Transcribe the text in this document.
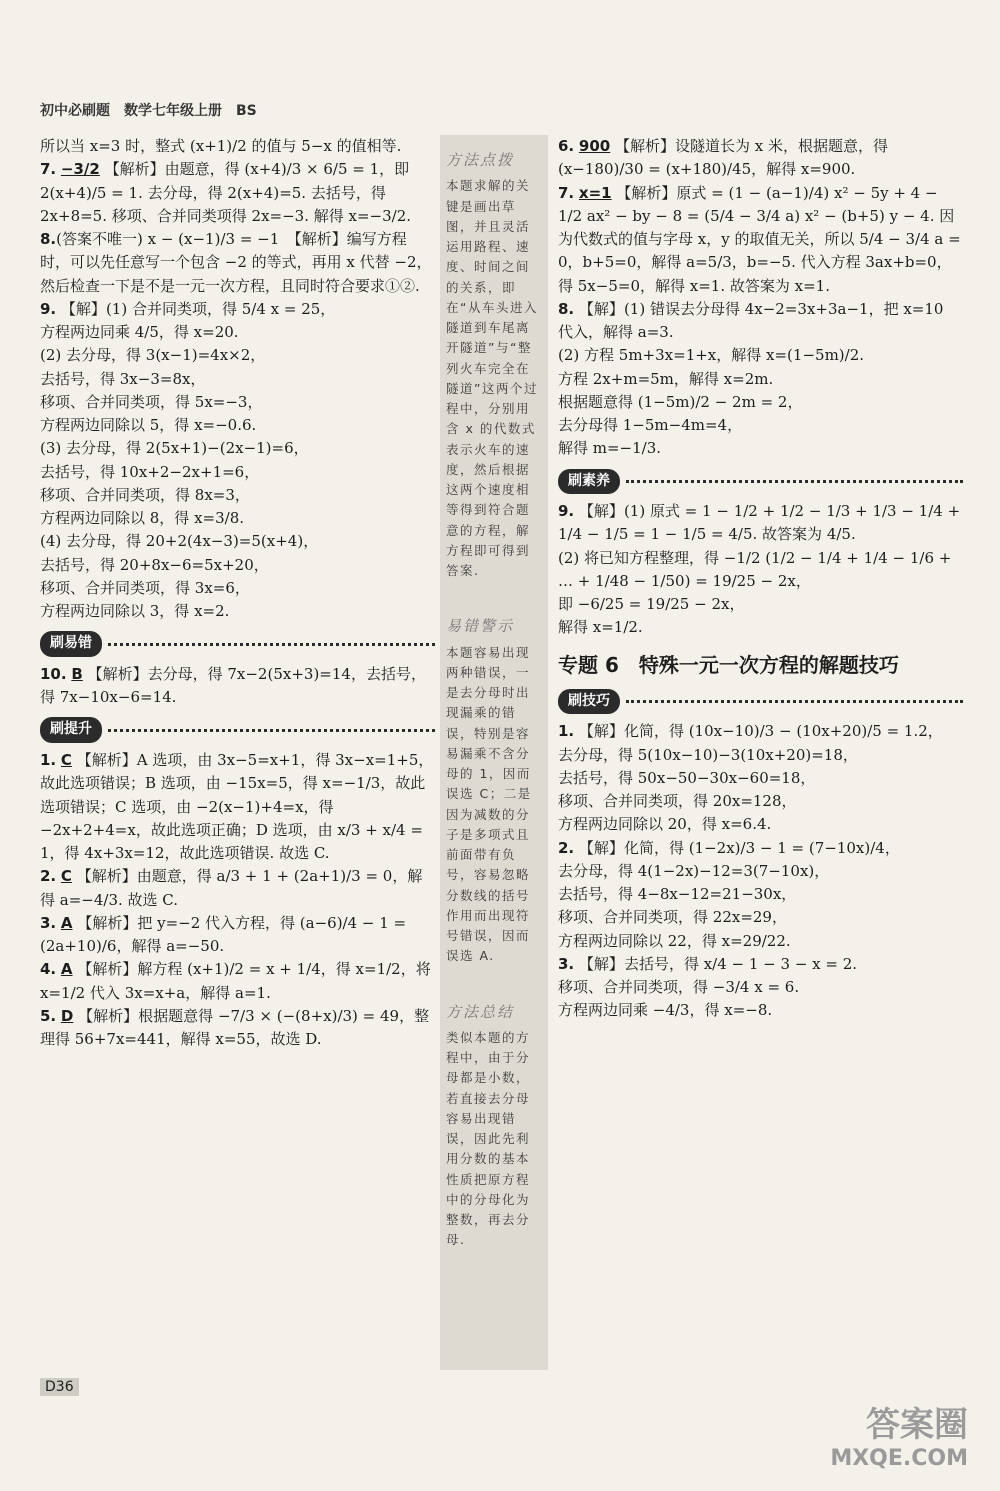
初中必刷题　数学七年级上册　BS
所以当 x=3 时，整式 (x+1)/2 的值与 5−x 的值相等.
7. −3/2 【解析】由题意，得 (x+4)/3 × 6/5 = 1，即 2(x+4)/5 = 1. 去分母，得 2(x+4)=5. 去括号，得 2x+8=5. 移项、合并同类项得 2x=−3. 解得 x=−3/2.
8.(答案不唯一) x − (x−1)/3 = −1　【解析】编写方程时，可以先任意写一个包含 −2 的等式，再用 x 代替 −2，然后检查一下是不是一元一次方程，且同时符合要求①②.
9. 【解】(1) 合并同类项，得 5/4 x = 25，
方程两边同乘 4/5，得 x=20.
(2) 去分母，得 3(x−1)=4x×2，
去括号，得 3x−3=8x，
移项、合并同类项，得 5x=−3，
方程两边同除以 5，得 x=−0.6.
(3) 去分母，得 2(5x+1)−(2x−1)=6，
去括号，得 10x+2−2x+1=6，
移项、合并同类项，得 8x=3，
方程两边同除以 8，得 x=3/8.
(4) 去分母，得 20+2(4x−3)=5(x+4)，
去括号，得 20+8x−6=5x+20，
移项、合并同类项，得 3x=6，
方程两边同除以 3，得 x=2.
刷易错
10. B 【解析】去分母，得 7x−2(5x+3)=14，去括号，得 7x−10x−6=14.
刷提升
1. C 【解析】A 选项，由 3x−5=x+1，得 3x−x=1+5，故此选项错误；B 选项，由 −15x=5，得 x=−1/3，故此选项错误；C 选项，由 −2(x−1)+4=x，得 −2x+2+4=x，故此选项正确；D 选项，由 x/3 + x/4 = 1，得 4x+3x=12，故此选项错误. 故选 C.
2. C 【解析】由题意，得 a/3 + 1 + (2a+1)/3 = 0，解得 a=−4/3. 故选 C.
3. A 【解析】把 y=−2 代入方程，得 (a−6)/4 − 1 = (2a+10)/6，解得 a=−50.
4. A 【解析】解方程 (x+1)/2 = x + 1/4，得 x=1/2，将 x=1/2 代入 3x=x+a，解得 a=1.
5. D 【解析】根据题意得 −7/3 × (−(8+x)/3) = 49，整理得 56+7x=441，解得 x=55，故选 D.
方法点拨
本题求解的关键是画出草图，并且灵活运用路程、速度、时间之间的关系，即在“从车头进入隧道到车尾离开隧道”与“整列火车完全在隧道”这两个过程中，分别用含 x 的代数式表示火车的速度，然后根据这两个速度相等得到符合题意的方程，解方程即可得到答案.
易错警示
本题容易出现两种错误，一是去分母时出现漏乘的错误，特别是容易漏乘不含分母的 1，因而误选 C；二是因为减数的分子是多项式且前面带有负号，容易忽略分数线的括号作用而出现符号错误，因而误选 A.
方法总结
类似本题的方程中，由于分母都是小数，若直接去分母容易出现错误，因此先利用分数的基本性质把原方程中的分母化为整数，再去分母.
6. 900 【解析】设隧道长为 x 米，根据题意，得 (x−180)/30 = (x+180)/45，解得 x=900.
7. x=1 【解析】原式 = (1 − (a−1)/4) x² − 5y + 4 − 1/2 ax² − by − 8 = (5/4 − 3/4 a) x² − (b+5) y − 4. 因为代数式的值与字母 x，y 的取值无关，所以 5/4 − 3/4 a = 0，b+5=0，解得 a=5/3，b=−5. 代入方程 3ax+b=0，得 5x−5=0，解得 x=1. 故答案为 x=1.
8. 【解】(1) 错误去分母得 4x−2=3x+3a−1，把 x=10 代入，解得 a=3.
(2) 方程 5m+3x=1+x，解得 x=(1−5m)/2.
方程 2x+m=5m，解得 x=2m.
根据题意得 (1−5m)/2 − 2m = 2，
去分母得 1−5m−4m=4，
解得 m=−1/3.
刷素养
9. 【解】(1) 原式 = 1 − 1/2 + 1/2 − 1/3 + 1/3 − 1/4 + 1/4 − 1/5 = 1 − 1/5 = 4/5. 故答案为 4/5.
(2) 将已知方程整理，得 −1/2 (1/2 − 1/4 + 1/4 − 1/6 + … + 1/48 − 1/50) = 19/25 − 2x，
即 −6/25 = 19/25 − 2x，
解得 x=1/2.
专题 6　特殊一元一次方程的解题技巧
刷技巧
1. 【解】化简，得 (10x−10)/3 − (10x+20)/5 = 1.2，
去分母，得 5(10x−10)−3(10x+20)=18，
去括号，得 50x−50−30x−60=18，
移项、合并同类项，得 20x=128，
方程两边同除以 20，得 x=6.4.
2. 【解】化简，得 (1−2x)/3 − 1 = (7−10x)/4，
去分母，得 4(1−2x)−12=3(7−10x)，
去括号，得 4−8x−12=21−30x，
移项、合并同类项，得 22x=29，
方程两边同除以 22，得 x=29/22.
3. 【解】去括号，得 x/4 − 1 − 3 − x = 2.
移项、合并同类项，得 −3/4 x = 6.
方程两边同乘 −4/3，得 x=−8.
D36
答案圈
MXQE.COM
